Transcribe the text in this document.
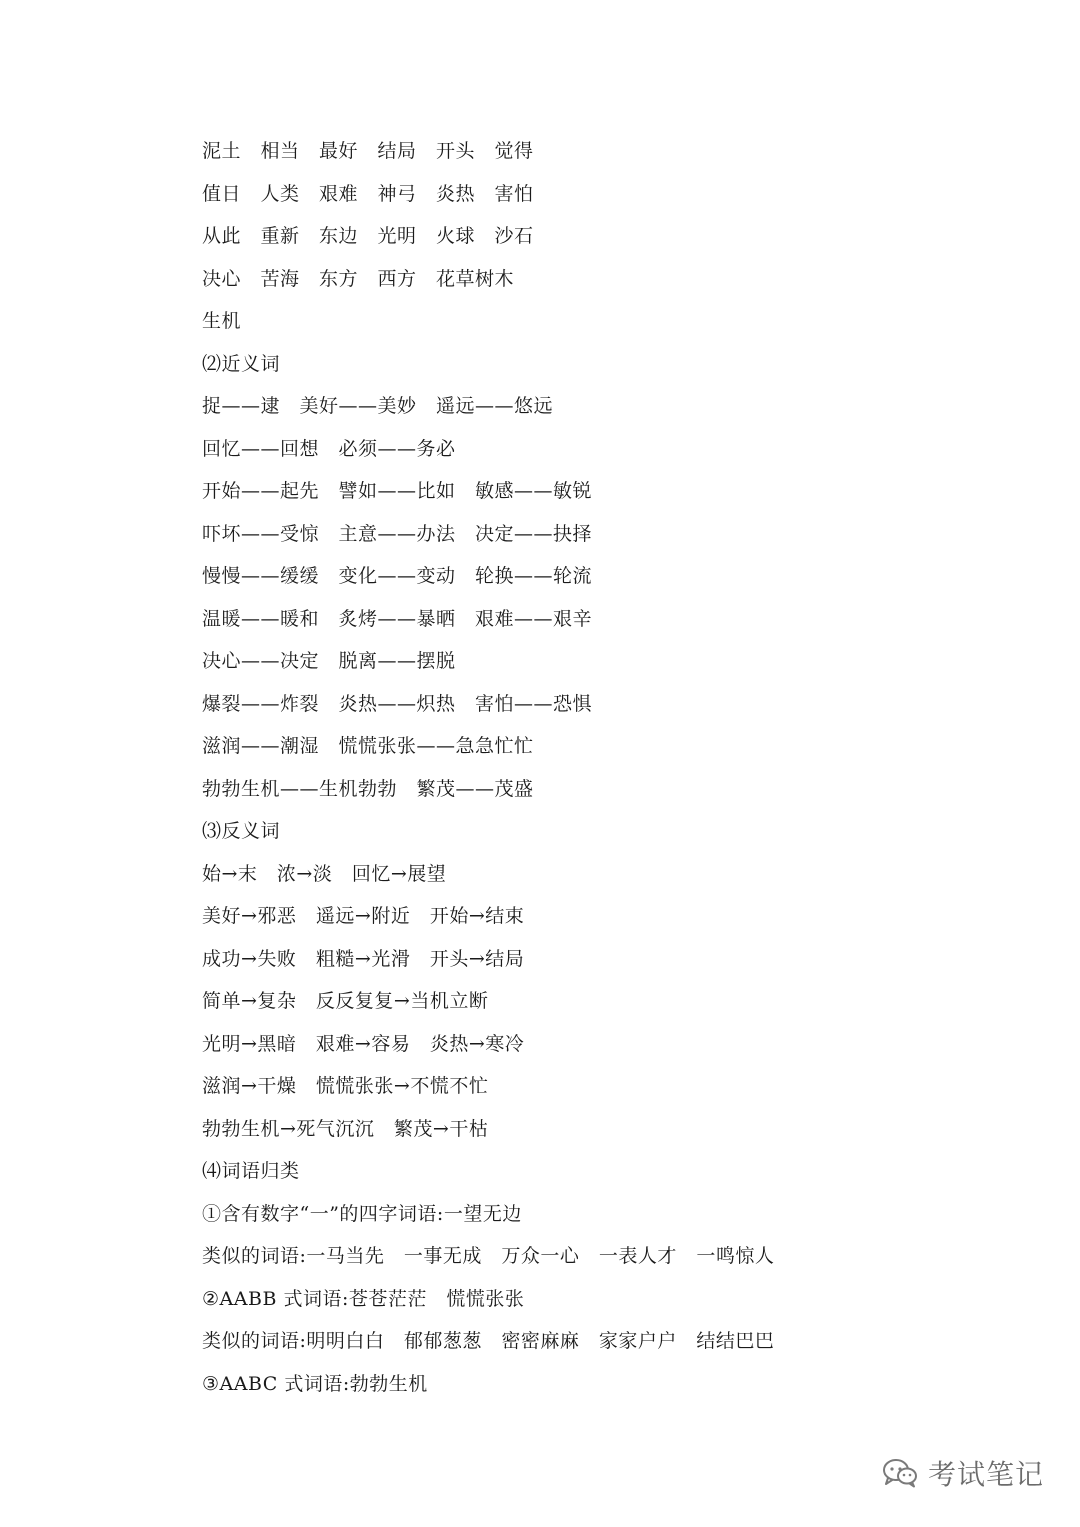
泥土　相当　最好　结局　开头　觉得
值日　人类　艰难　神弓　炎热　害怕
从此　重新　东边　光明　火球　沙石
决心　苦海　东方　西方　花草树木
生机
⑵近义词
捉——逮　美好——美妙　遥远——悠远
回忆——回想　必须——务必
开始——起先　譬如——比如　敏感——敏锐
吓坏——受惊　主意——办法　决定——抉择
慢慢——缓缓　变化——变动　轮换——轮流
温暖——暖和　炙烤——暴晒　艰难——艰辛
决心——决定　脱离——摆脱
爆裂——炸裂　炎热——炽热　害怕——恐惧
滋润——潮湿　慌慌张张——急急忙忙
勃勃生机——生机勃勃　繁茂——茂盛
⑶反义词
始→末　浓→淡　回忆→展望
美好→邪恶　遥远→附近　开始→结束
成功→失败　粗糙→光滑　开头→结局
简单→复杂　反反复复→当机立断
光明→黑暗　艰难→容易　炎热→寒冷
滋润→干燥　慌慌张张→不慌不忙
勃勃生机→死气沉沉　繁茂→干枯
⑷词语归类
①含有数字“一”的四字词语:一望无边
类似的词语:一马当先　一事无成　万众一心　一表人才　一鸣惊人
②AABB 式词语:苍苍茫茫　慌慌张张
类似的词语:明明白白　郁郁葱葱　密密麻麻　家家户户　结结巴巴
③AABC 式词语:勃勃生机
考试笔记
